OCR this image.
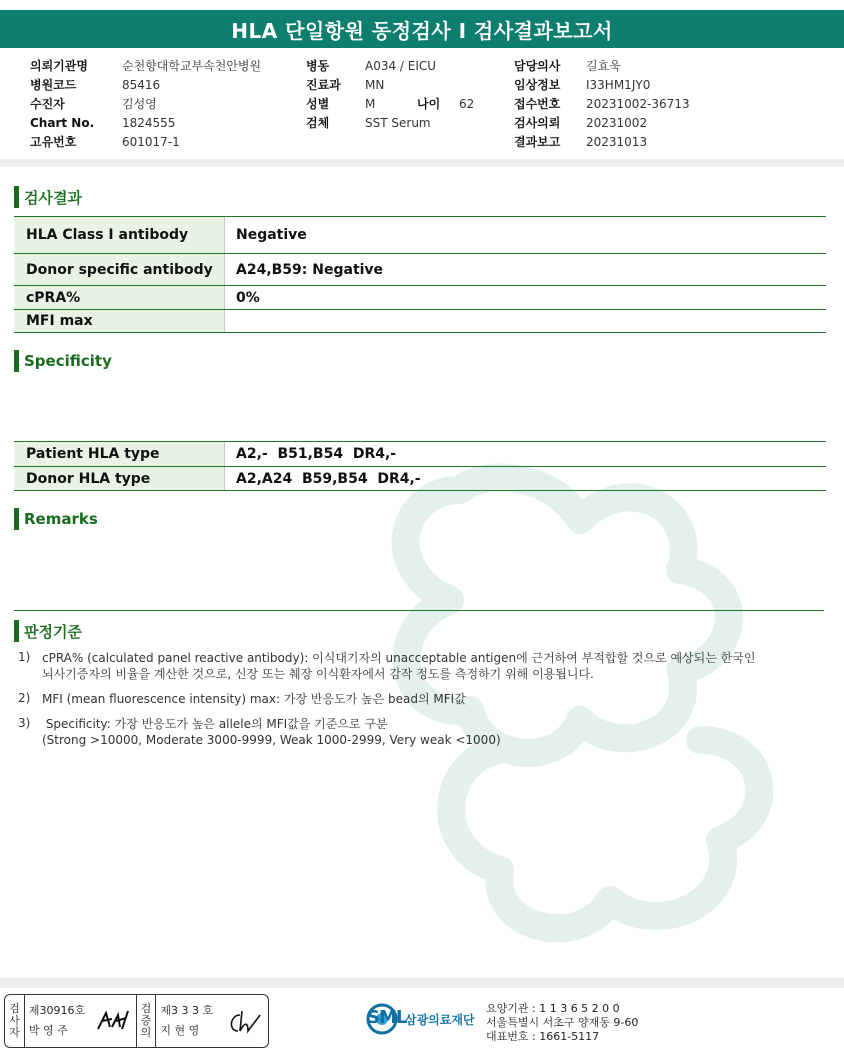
HLA 단일항원 동정검사 I 검사결과보고서
의뢰기관명	순천향대학교부속천안병원
병원코드	85416
수진자	김성영
Chart No.	1824555
고유번호	601017-1
병동	A034 / EICU
진료과	MN
성별	M	나이	62
검체	SST Serum
담당의사	길효욱
임상정보	I33HM1JY0
접수번호	20231002-36713
검사의뢰	20231002
결과보고	20231013
검사결과
HLA Class I antibody	Negative
Donor specific antibody	A24,B59: Negative
cPRA%	0%
MFI max
Specificity
Patient HLA type	A2,-  B51,B54  DR4,-
Donor HLA type	A2,A24  B59,B54  DR4,-
Remarks
판정기준
1) cPRA% (calculated panel reactive antibody): 이식대기자의 unacceptable antigen에 근거하여 부적합할 것으로 예상되는 한국인
뇌사기증자의 비율을 계산한 것으로, 신장 또는 췌장 이식환자에서 감작 정도를 측정하기 위해 이용됩니다.
2) MFI (mean fluorescence intensity) max: 가장 반응도가 높은 bead의 MFI값
3) Specificity: 가장 반응도가 높은 allele의 MFI값을 기준으로 구분
(Strong >10000, Moderate 3000-9999, Weak 1000-2999, Very weak <1000)
검
사
자
제30916호
박 영 주
검
증
의
제3 3 3 호
지 현 영
SML
삼광의료재단
요양기관 : 1 1 3 6 5 2 0 0
서울특별시 서초구 양재동 9-60
대표번호 : 1661-5117
